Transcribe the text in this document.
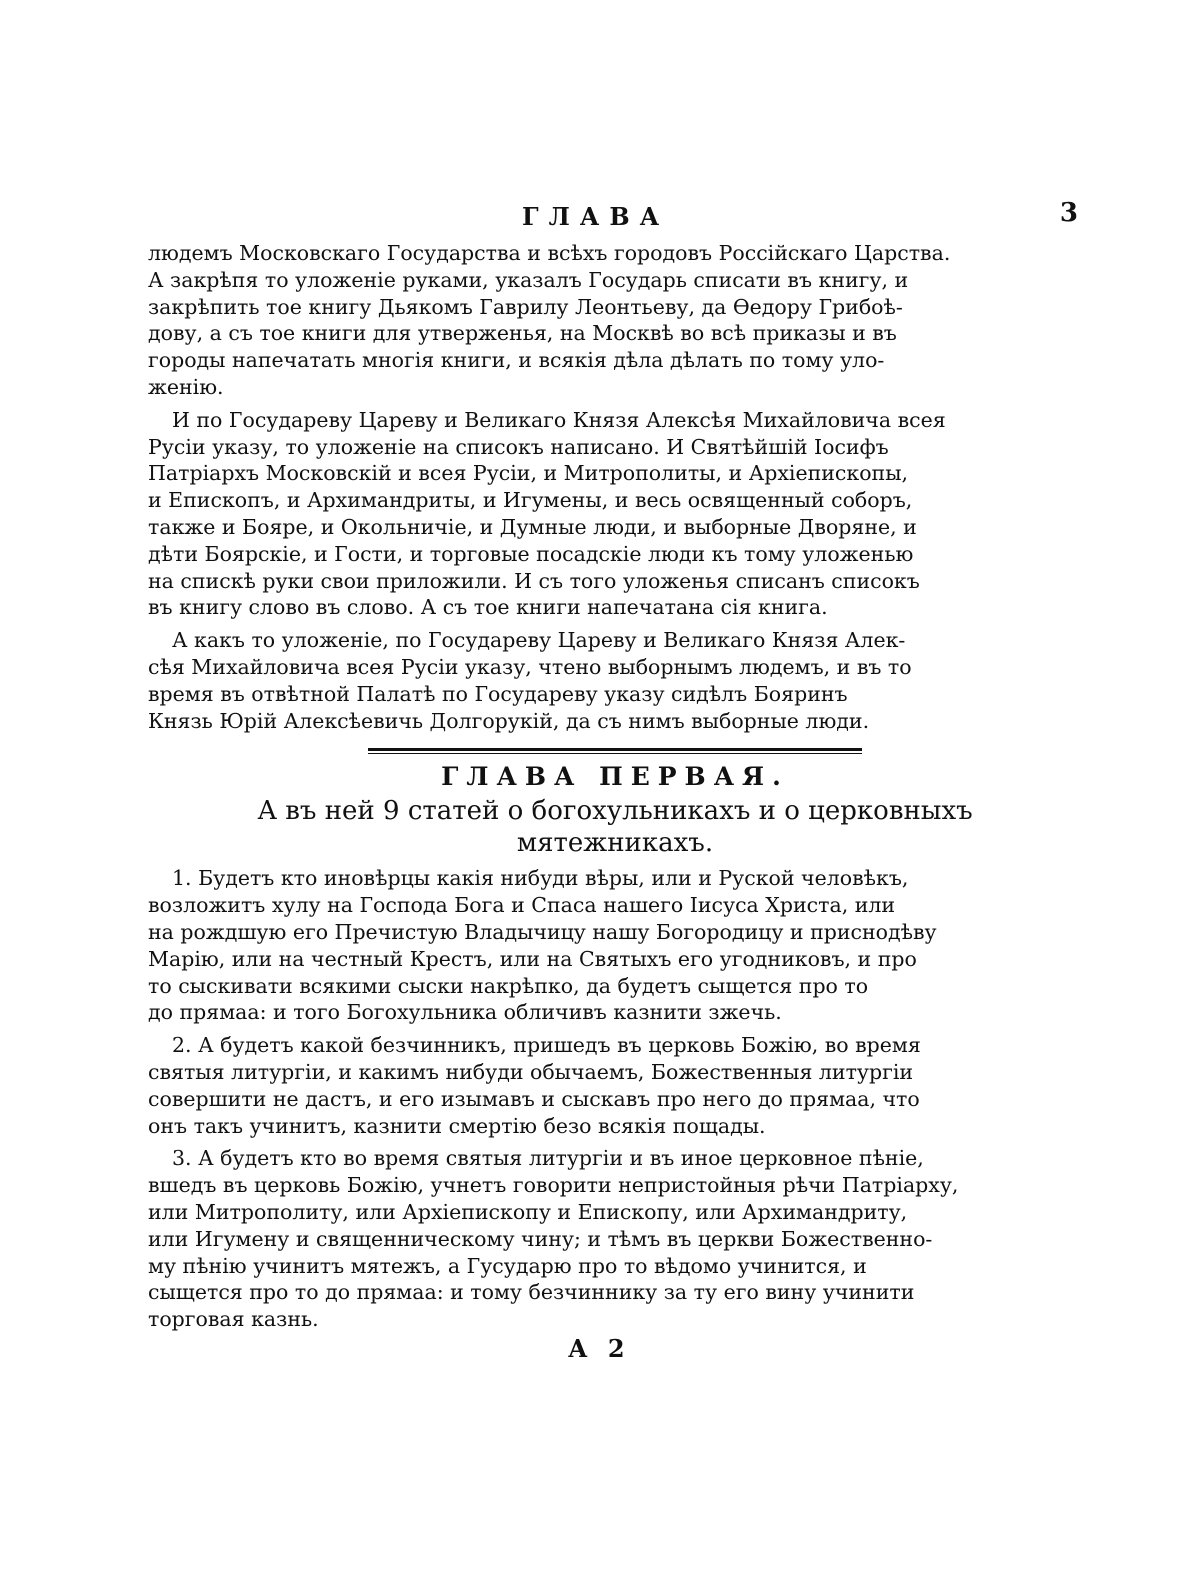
ГЛАВА	3

людемъ Московскаго Государства и всѣхъ городовъ Россійскаго Царства.
А закрѣпя то уложеніе руками, указалъ Государь списати въ книгу, и
закрѣпить тое книгу Дьякомъ Гаврилу Леонтьеву, да Ѳедору Грибоѣ-
дову, а съ тое книги для утверженья, на Москвѣ во всѣ приказы и въ
городы напечатать многія книги, и всякія дѣла дѣлать по тому уло-
женію.

И по Государеву Цареву и Великаго Князя Алексѣя Михайловича всея
Русіи указу, то уложеніе на списокъ написано. И Святѣйшій Іосифъ
Патріархъ Московскій и всея Русіи, и Митрополиты, и Архіепископы,
и Епископъ, и Архимандриты, и Игумены, и весь освященный соборъ,
также и Бояре, и Окольничіе, и Думные люди, и выборные Дворяне, и
дѣти Боярскіе, и Гости, и торговые посадскіе люди къ тому уложенью
на спискѣ руки свои приложили. И съ того уложенья списанъ списокъ
въ книгу слово въ слово. А съ тое книги напечатана сія книга.

А какъ то уложеніе, по Государеву Цареву и Великаго Князя Алек-
сѣя Михайловича всея Русіи указу, чтено выборнымъ людемъ, и въ то
время въ отвѣтной Палатѣ по Государеву указу сидѣлъ Бояринъ
Князь Юрій Алексѣевичь Долгорукій, да съ нимъ выборные люди.

ГЛАВА ПЕРВАЯ.

А въ ней 9 статей о богохульникахъ и о церковныхъ
мятежникахъ.

1. Будетъ кто иновѣрцы какія нибуди вѣры, или и Руской человѣкъ,
возложитъ хулу на Господа Бога и Спаса нашего Іисуса Христа, или
на рождшую его Пречистую Владычицу нашу Богородицу и приснодѣву
Марію, или на честный Крестъ, или на Святыхъ его угодниковъ, и про
то сыскивати всякими сыски накрѣпко, да будетъ сыщется про то
до прямаа: и того Богохульника обличивъ казнити зжечь.

2. А будетъ какой безчинникъ, пришедъ въ церковь Божію, во время
святыя литургіи, и какимъ нибуди обычаемъ, Божественныя литургіи
совершити не дастъ, и его изымавъ и сыскавъ про него до прямаа, что
онъ такъ учинитъ, казнити смертію безо всякія пощады.

3. А будетъ кто во время святыя литургіи и въ иное церковное пѣніе,
вшедъ въ церковь Божію, учнетъ говорити непристойныя рѣчи Патріарху,
или Митрополиту, или Архіепископу и Епископу, или Архимандриту,
или Игумену и священническому чину; и тѣмъ въ церкви Божественно-
му пѣнію учинитъ мятежъ, а Гусударю про то вѣдомо учинится, и
сыщется про то до прямаа: и тому безчиннику за ту его вину учинити
торговая казнь.

А 2
